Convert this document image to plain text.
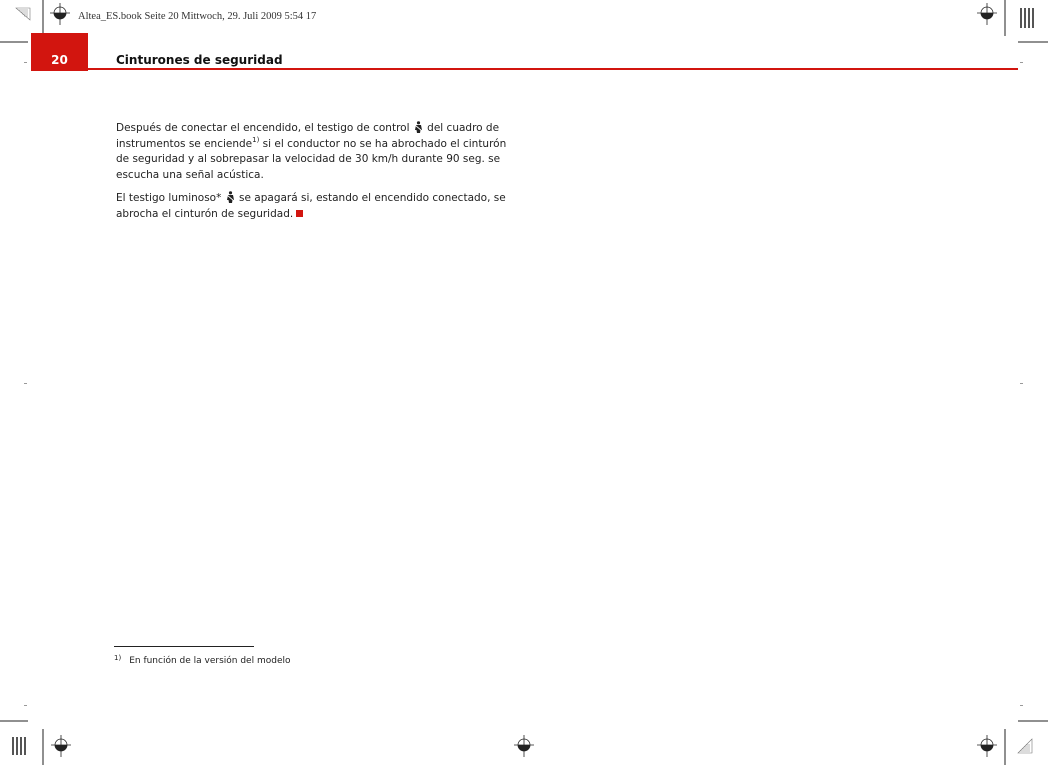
Altea_ES.book Seite 20 Mittwoch, 29. Juli 2009 5:54 17
20	Cinturones de seguridad
Después de conectar el encendido, el testigo de control  del cuadro de instrumentos se enciende$^{1)}$ si el conductor no se ha abrochado el cinturón de seguridad y al sobrepasar la velocidad de 30 km/h durante 90 seg. se escucha una señal acústica.
El testigo luminoso*  se apagará si, estando el encendido conectado, se abrocha el cinturón de seguridad.
$^{1)}$ En función de la versión del modelo
